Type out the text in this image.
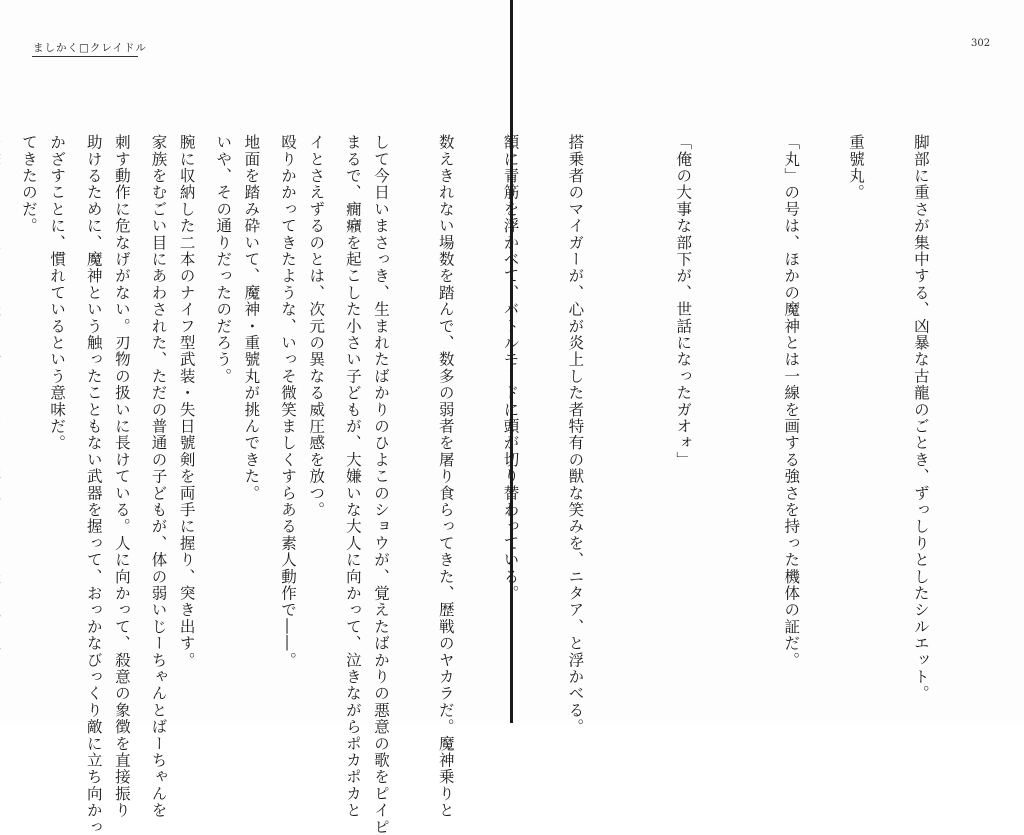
ましかく□クレイドル

まるで、癇癪を起こした小さい子どもが、大嫌いな大人に向かって、泣きながらポカポカと

殴りかかってきたような、いっそ微笑ましくすらある素人動作で――。

いや、その通りだったのだろう。

家族をむごい目にあわされた、ただの普通の子どもが、体の弱いじーちゃんとばーちゃんを

助けるために、魔神という触ったこともない武器を握って、おっかなびっくり敵に立ち向かっ

てきたのだ。

	脚部に重さが集中する、凶暴な古龍のごとき、ずっしりとしたシルエット。

重號丸。

「丸」の号は、ほかの魔神とは一線を画する強さを持った機体の証だ。

「俺の大事な部下が、世話になったガオォ」

搭乗者のマイガーが、心が炎上した者特有の獣な笑みを、ニタア、と浮かべる。

額に青筋を浮かべて、バトルモードに頭が切り替わっている。

数えきれない場数を踏んで、数多の弱者を屠り食らってきた、歴戦のヤカラだ。魔神乗りと

して今日いまさっき、生まれたばかりのひよこのショウが、覚えたばかりの悪意の歌をピイピ

イとさえずるのとは、次元の異なる威圧感を放つ。

地面を踏み砕いて、魔神・重號丸が挑んできた。

腕に収納した二本のナイフ型武装・失日號剣を両手に握り、突き出す。

刺す動作に危なげがない。刃物の扱いに長けている。人に向かって、殺意の象徴を直接振り

かざすことに、慣れているという意味だ。

302
